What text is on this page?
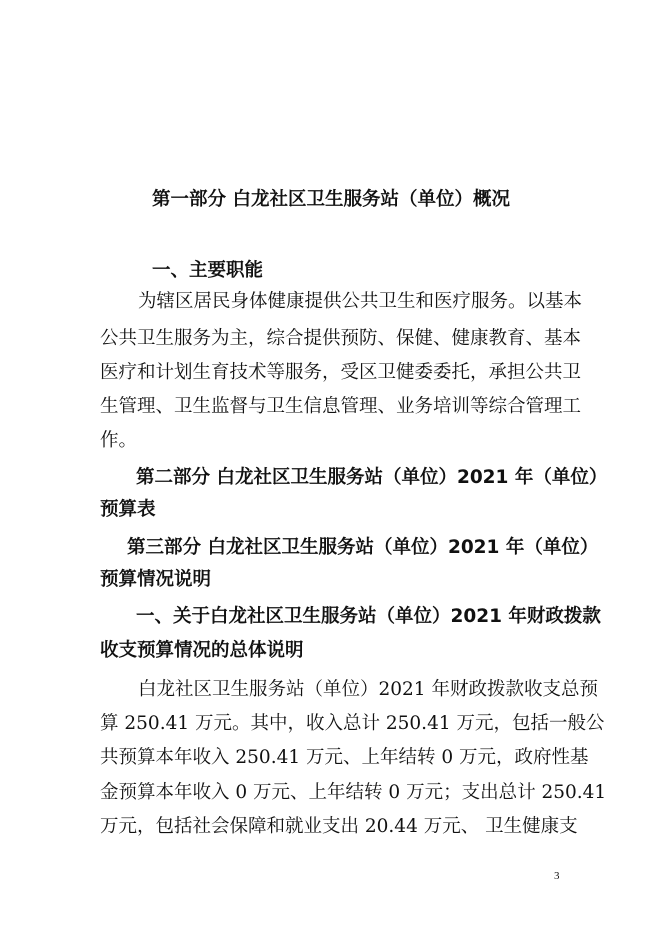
第一部分 白龙社区卫生服务站（单位）概况
一、主要职能
为辖区居民身体健康提供公共卫生和医疗服务。以基本
公共卫生服务为主，综合提供预防、保健、健康教育、基本
医疗和计划生育技术等服务，受区卫健委委托，承担公共卫
生管理、卫生监督与卫生信息管理、业务培训等综合管理工
作。
第二部分 白龙社区卫生服务站（单位）2021 年（单位）
预算表
第三部分 白龙社区卫生服务站（单位）2021 年（单位）
预算情况说明
一、关于白龙社区卫生服务站（单位）2021 年财政拨款
收支预算情况的总体说明
白龙社区卫生服务站（单位）2021 年财政拨款收支总预
算 250.41 万元。其中，收入总计 250.41 万元，包括一般公
共预算本年收入 250.41 万元、上年结转 0 万元，政府性基
金预算本年收入 0 万元、上年结转 0 万元；支出总计 250.41
万元，包括社会保障和就业支出 20.44 万元、 卫生健康支
3
